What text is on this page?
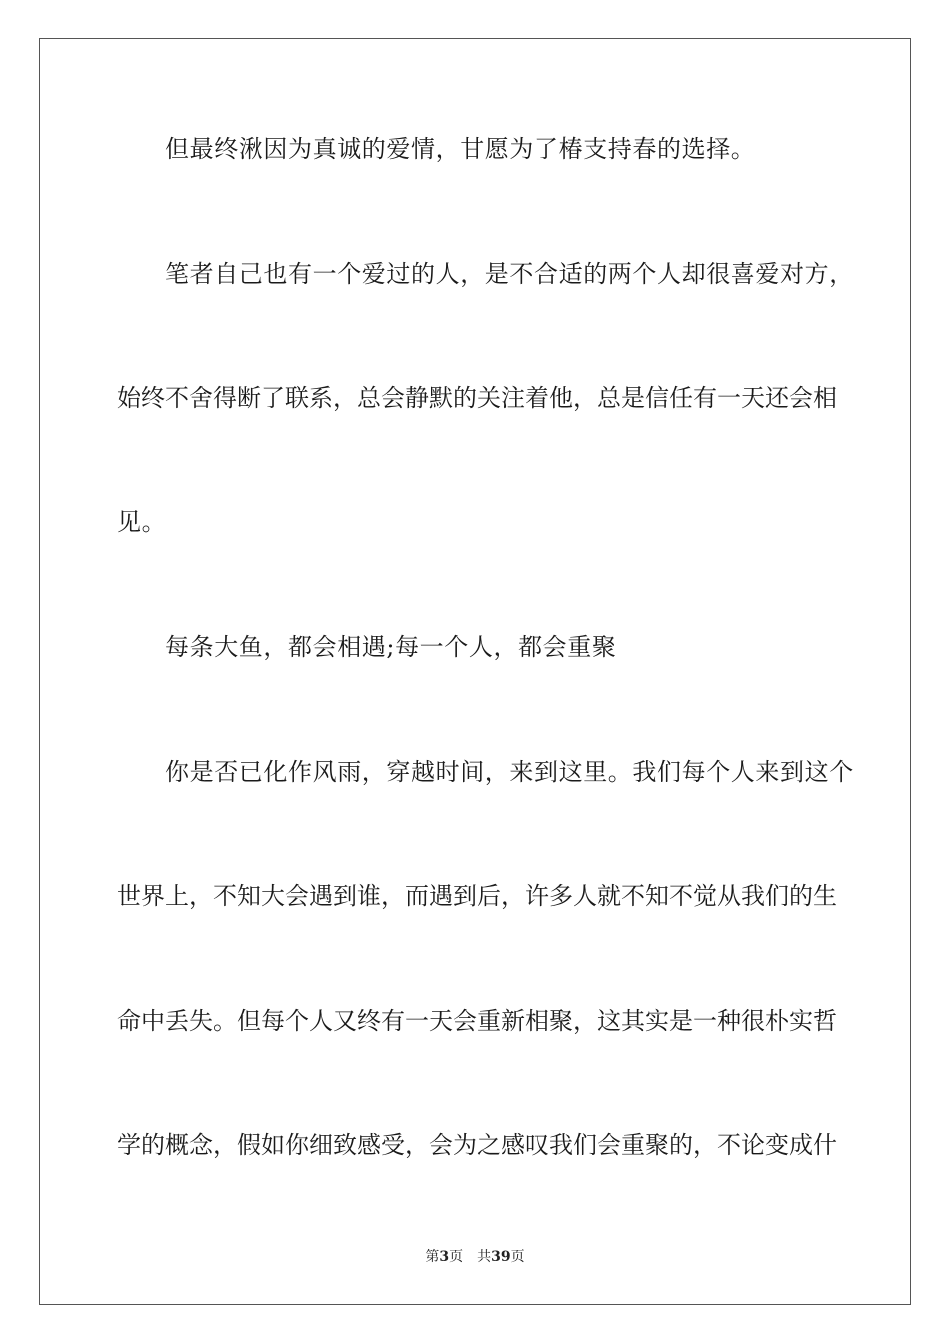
但最终湫因为真诚的爱情，甘愿为了椿支持春的选择。
笔者自己也有一个爱过的人，是不合适的两个人却很喜爱对方，
始终不舍得断了联系，总会静默的关注着他，总是信任有一天还会相
见。
每条大鱼，都会相遇;每一个人，都会重聚
你是否已化作风雨，穿越时间，来到这里。我们每个人来到这个
世界上，不知大会遇到谁，而遇到后，许多人就不知不觉从我们的生
命中丢失。但每个人又终有一天会重新相聚，这其实是一种很朴实哲
学的概念，假如你细致感受，会为之感叹我们会重聚的，不论变成什
第3页 共39页
